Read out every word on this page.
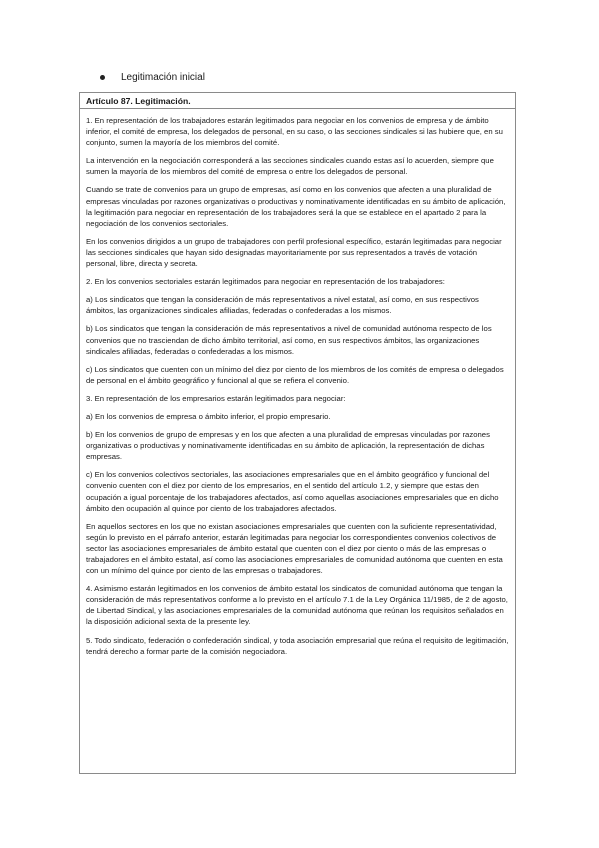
Legitimación inicial
Artículo 87. Legitimación.

1. En representación de los trabajadores estarán legitimados para negociar en los convenios de empresa y de ámbito inferior, el comité de empresa, los delegados de personal, en su caso, o las secciones sindicales si las hubiere que, en su conjunto, sumen la mayoría de los miembros del comité.

La intervención en la negociación corresponderá a las secciones sindicales cuando estas así lo acuerden, siempre que sumen la mayoría de los miembros del comité de empresa o entre los delegados de personal.

Cuando se trate de convenios para un grupo de empresas, así como en los convenios que afecten a una pluralidad de empresas vinculadas por razones organizativas o productivas y nominativamente identificadas en su ámbito de aplicación, la legitimación para negociar en representación de los trabajadores será la que se establece en el apartado 2 para la negociación de los convenios sectoriales.

En los convenios dirigidos a un grupo de trabajadores con perfil profesional específico, estarán legitimadas para negociar las secciones sindicales que hayan sido designadas mayoritariamente por sus representados a través de votación personal, libre, directa y secreta.

2. En los convenios sectoriales estarán legitimados para negociar en representación de los trabajadores:

a) Los sindicatos que tengan la consideración de más representativos a nivel estatal, así como, en sus respectivos ámbitos, las organizaciones sindicales afiliadas, federadas o confederadas a los mismos.

b) Los sindicatos que tengan la consideración de más representativos a nivel de comunidad autónoma respecto de los convenios que no trasciendan de dicho ámbito territorial, así como, en sus respectivos ámbitos, las organizaciones sindicales afiliadas, federadas o confederadas a los mismos.

c) Los sindicatos que cuenten con un mínimo del diez por ciento de los miembros de los comités de empresa o delegados de personal en el ámbito geográfico y funcional al que se refiera el convenio.

3. En representación de los empresarios estarán legitimados para negociar:

a) En los convenios de empresa o ámbito inferior, el propio empresario.

b) En los convenios de grupo de empresas y en los que afecten a una pluralidad de empresas vinculadas por razones organizativas o productivas y nominativamente identificadas en su ámbito de aplicación, la representación de dichas empresas.

c) En los convenios colectivos sectoriales, las asociaciones empresariales que en el ámbito geográfico y funcional del convenio cuenten con el diez por ciento de los empresarios, en el sentido del artículo 1.2, y siempre que estas den ocupación a igual porcentaje de los trabajadores afectados, así como aquellas asociaciones empresariales que en dicho ámbito den ocupación al quince por ciento de los trabajadores afectados.

En aquellos sectores en los que no existan asociaciones empresariales que cuenten con la suficiente representatividad, según lo previsto en el párrafo anterior, estarán legitimadas para negociar los correspondientes convenios colectivos de sector las asociaciones empresariales de ámbito estatal que cuenten con el diez por ciento o más de las empresas o trabajadores en el ámbito estatal, así como las asociaciones empresariales de comunidad autónoma que cuenten en esta con un mínimo del quince por ciento de las empresas o trabajadores.

4. Asimismo estarán legitimados en los convenios de ámbito estatal los sindicatos de comunidad autónoma que tengan la consideración de más representativos conforme a lo previsto en el artículo 7.1 de la Ley Orgánica 11/1985, de 2 de agosto, de Libertad Sindical, y las asociaciones empresariales de la comunidad autónoma que reúnan los requisitos señalados en la disposición adicional sexta de la presente ley.

5. Todo sindicato, federación o confederación sindical, y toda asociación empresarial que reúna el requisito de legitimación, tendrá derecho a formar parte de la comisión negociadora.
